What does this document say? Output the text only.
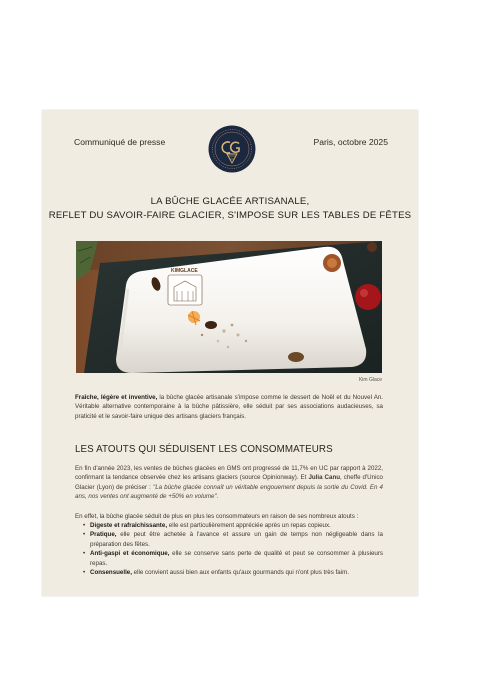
Communiqué de presse	Paris, octobre 2025
LA BÛCHE GLACÉE ARTISANALE,
REFLET DU SAVOIR-FAIRE GLACIER, S'IMPOSE SUR LES TABLES DE FÊTES
KIMGLACE
Kim Glace
Fraîche, légère et inventive, la bûche glacée artisanale s'impose comme le dessert de Noël et du Nouvel An. Véritable alternative contemporaine à la bûche pâtissière, elle séduit par ses associations audacieuses, sa praticité et le savoir-faire unique des artisans glaciers français.
LES ATOUTS QUI SÉDUISENT LES CONSOMMATEURS
En fin d'année 2023, les ventes de bûches glacées en GMS ont progressé de 11,7% en UC par rapport à 2022, confirmant la tendance observée chez les artisans glaciers (source Opinionway). Et Julia Canu, cheffe d'Unico Glacier (Lyon) de préciser : "La bûche glacée connaît un véritable engouement depuis la sortie du Covid. En 4 ans, nos ventes ont augmenté de +50% en volume".
En effet, la bûche glacée séduit de plus en plus les consommateurs en raison de ses nombreux atouts :
• Digeste et rafraîchissante, elle est particulièrement appréciée après un repas copieux.
• Pratique, elle peut être achetée à l'avance et assure un gain de temps non négligeable dans la préparation des fêtes.
• Anti-gaspi et économique, elle se conserve sans perte de qualité et peut se consommer à plusieurs repas.
• Consensuelle, elle convient aussi bien aux enfants qu'aux gourmands qui n'ont plus très faim.
